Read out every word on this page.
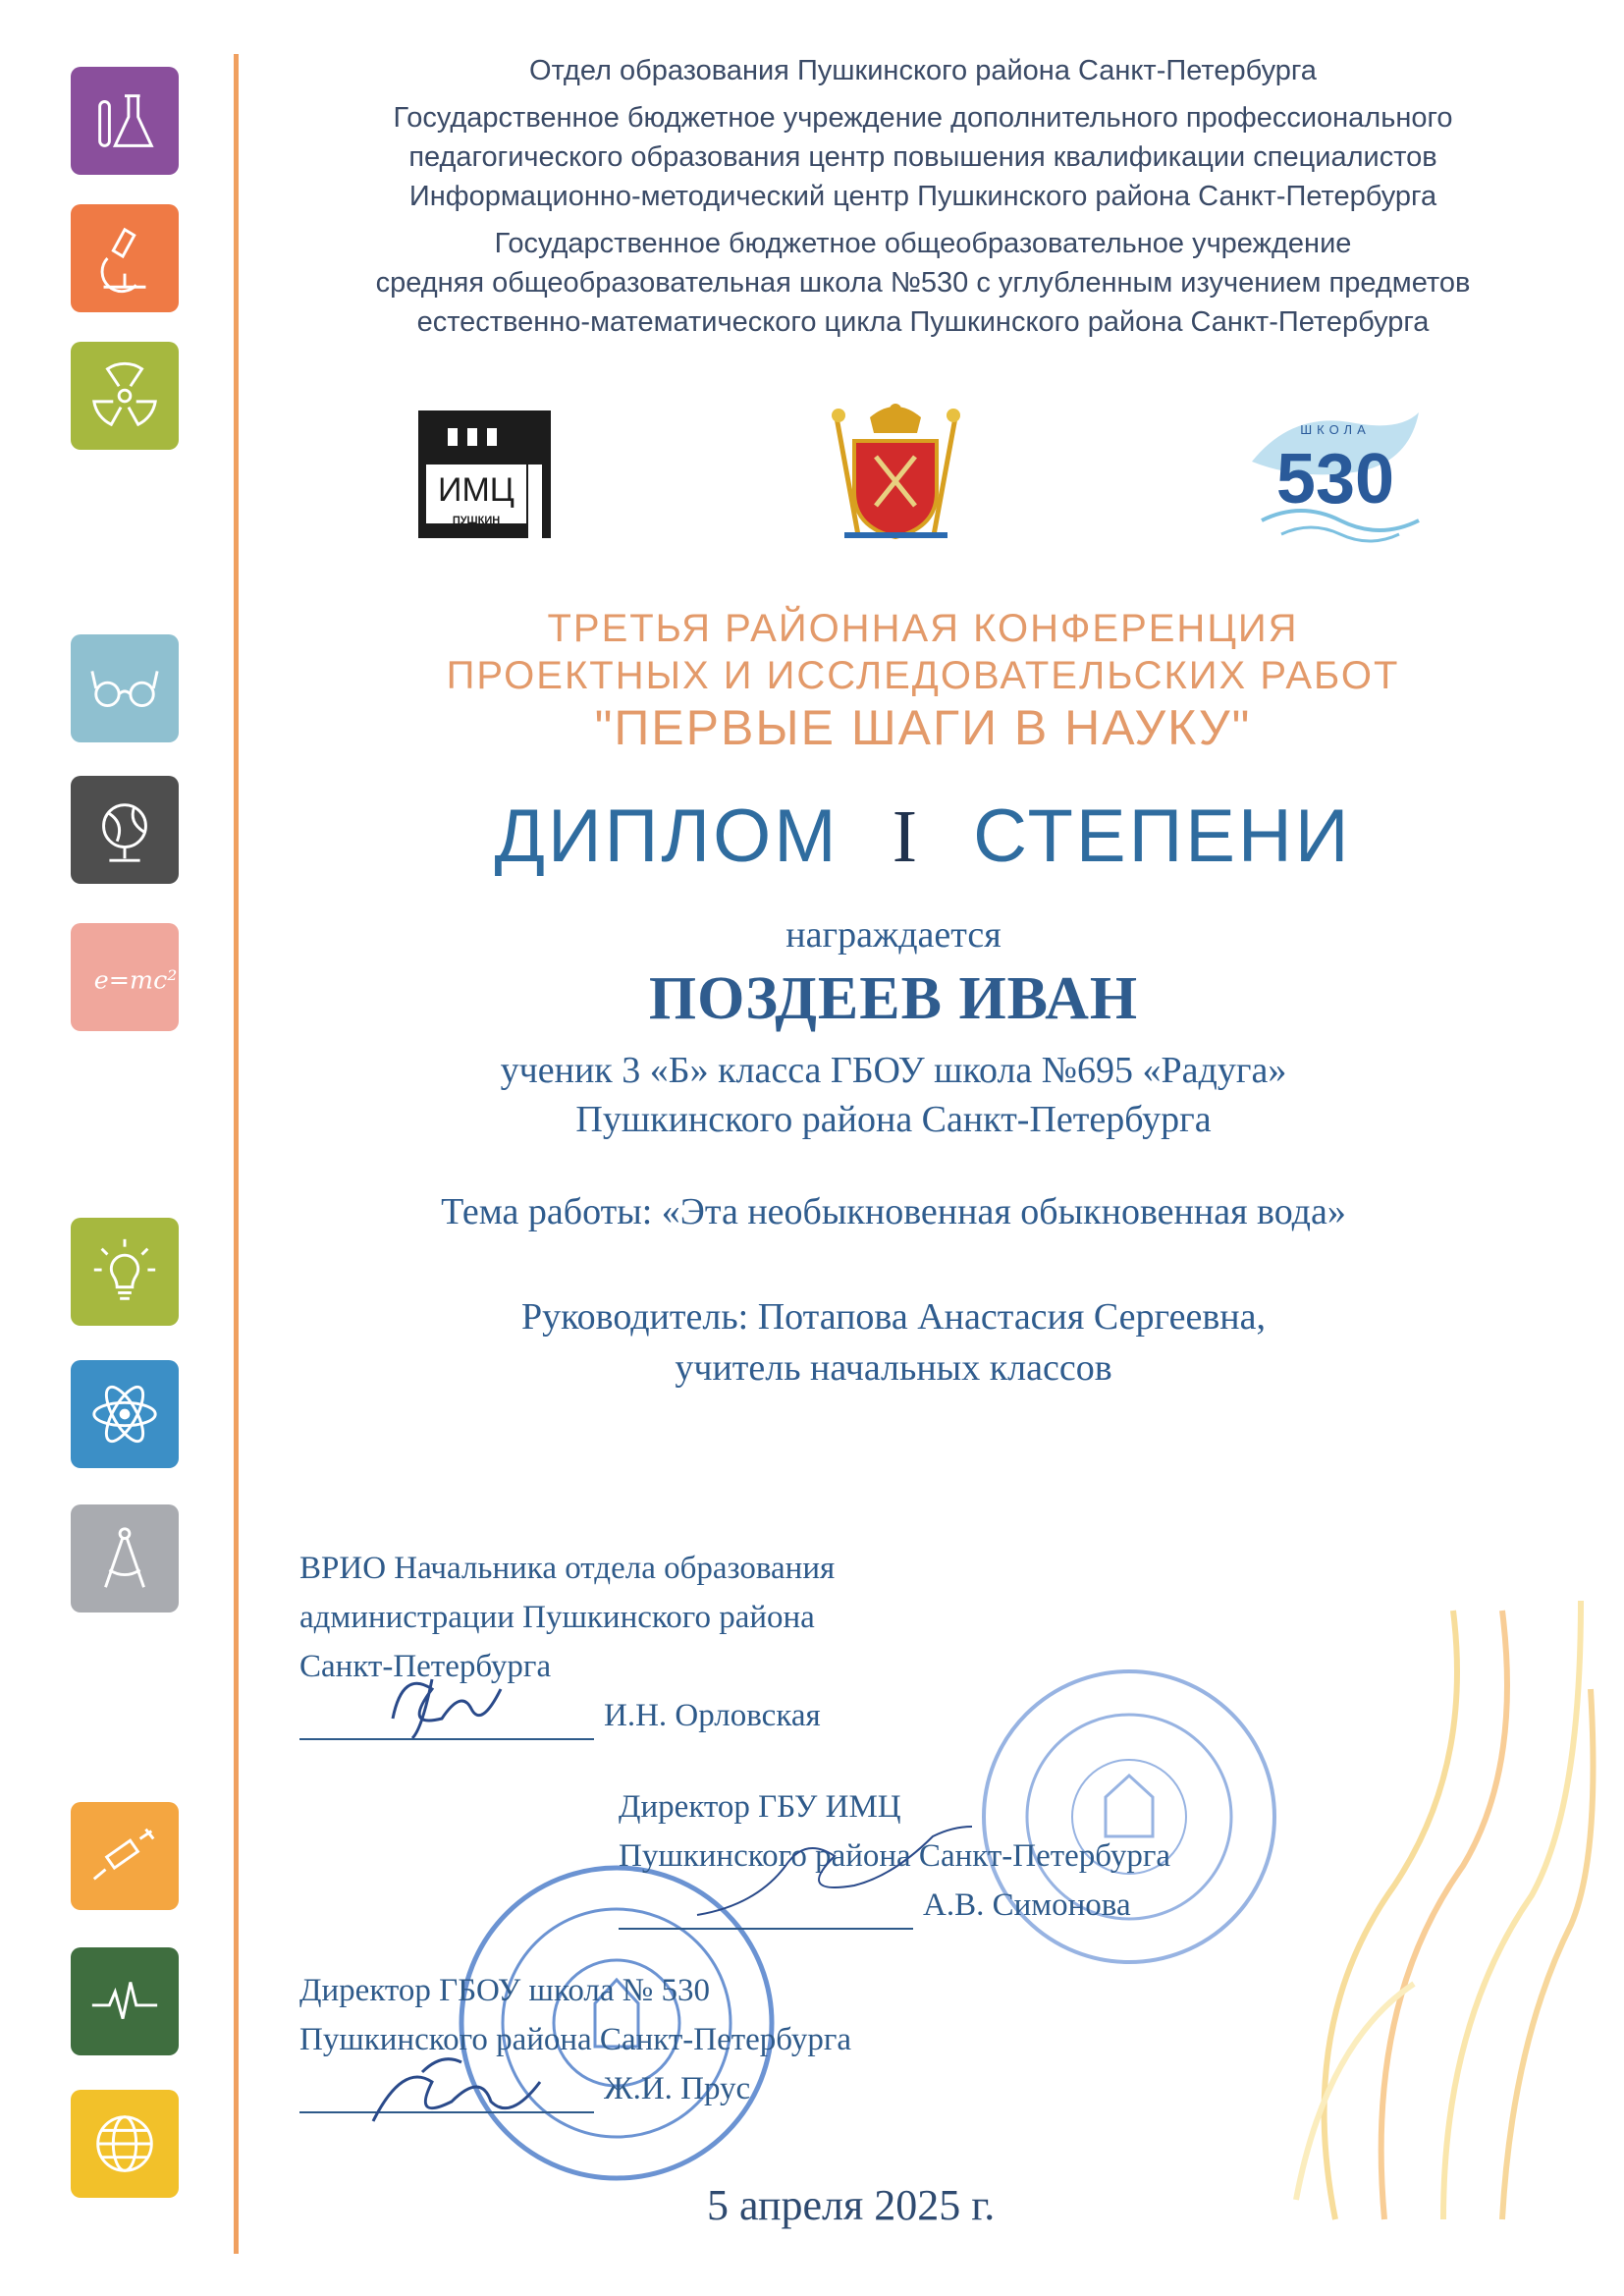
e=mc²
Отдел образования Пушкинского района Санкт-Петербурга
Государственное бюджетное учреждение дополнительного профессионального
педагогического образования центр повышения квалификации специалистов
Информационно-методический центр Пушкинского района Санкт-Петербурга
Государственное бюджетное общеобразовательное учреждение
средняя общеобразовательная школа №530 с углубленным изучением предметов
естественно-математического цикла Пушкинского района Санкт-Петербурга
ИМЦ
ПУШКИН
ШКОЛА
530
ТРЕТЬЯ РАЙОННАЯ КОНФЕРЕНЦИЯ
ПРОЕКТНЫХ И ИССЛЕДОВАТЕЛЬСКИХ РАБОТ
"ПЕРВЫЕ ШАГИ В НАУКУ"
ДИПЛОМ I СТЕПЕНИ
награждается
ПОЗДЕЕВ ИВАН
ученик 3 «Б» класса ГБОУ школа №695 «Радуга»
Пушкинского района Санкт-Петербурга
Тема работы: «Эта необыкновенная обыкновенная вода»
Руководитель: Потапова Анастасия Сергеевна,
учитель начальных классов
ВРИО Начальника отдела образования
администрации Пушкинского района
Санкт-Петербурга
И.Н. Орловская
Директор ГБУ ИМЦ
Пушкинского района Санкт-Петербурга
А.В. Симонова
Директор ГБОУ школа № 530
Пушкинского района Санкт-Петербурга
Ж.И. Прус
5 апреля 2025 г.
